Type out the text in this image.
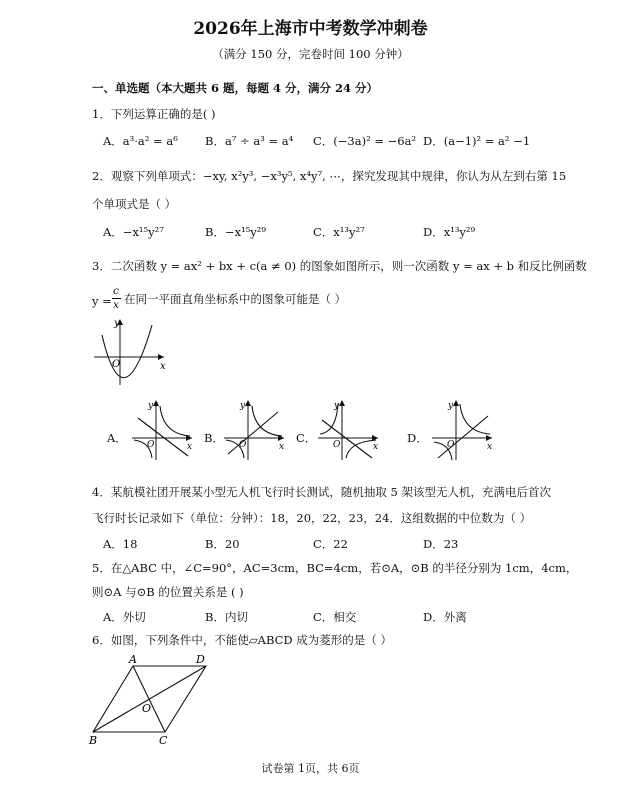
2026年上海市中考数学冲刺卷
（满分 150 分，完卷时间 100 分钟）
一、单选题（本大题共 6 题，每题 4 分，满分 24 分）
1．下列运算正确的是( )
A．a³·a² = a⁶ B．a⁷ ÷ a³ = a⁴ C．(−3a)² = −6a² D．(a−1)² = a² −1
2．观察下列单项式：−xy, x²y³, −x³y⁵, x⁴y⁷, ⋯，探究发现其中规律，你认为从左到右第 15
个单项式是（ ）
A．−x¹⁵y²⁷	B．−x¹⁵y²⁹	C．x¹³y²⁷	D．x¹³y²⁹
3．二次函数 y = ax² + bx + c(a ≠ 0) 的图象如图所示，则一次函数 y = ax + b 和反比例函数
y =
c
x 在同一平面直角坐标系中的图象可能是（ ）
y
x
O
A．
y
x
O	B．
y
x
O	C．
y
x
O	D．
y
x
O
4．某航模社团开展某小型无人机飞行时长测试，随机抽取 5 架该型无人机，充满电后首次
飞行时长记录如下（单位：分钟）：18，20，22，23，24．这组数据的中位数为（ ）
A．18	B．20	C．22	D．23
5．在△ABC 中，∠C=90°，AC=3cm，BC=4cm，若⊙A，⊙B 的半径分别为 1cm，4cm，
则⊙A 与⊙B 的位置关系是 ( )
A．外切	B．内切	C．相交	D．外离
6．如图，下列条件中，不能使▱ABCD 成为菱形的是（ ）
A	D
B	C
O
试卷第 1页，共 6页
